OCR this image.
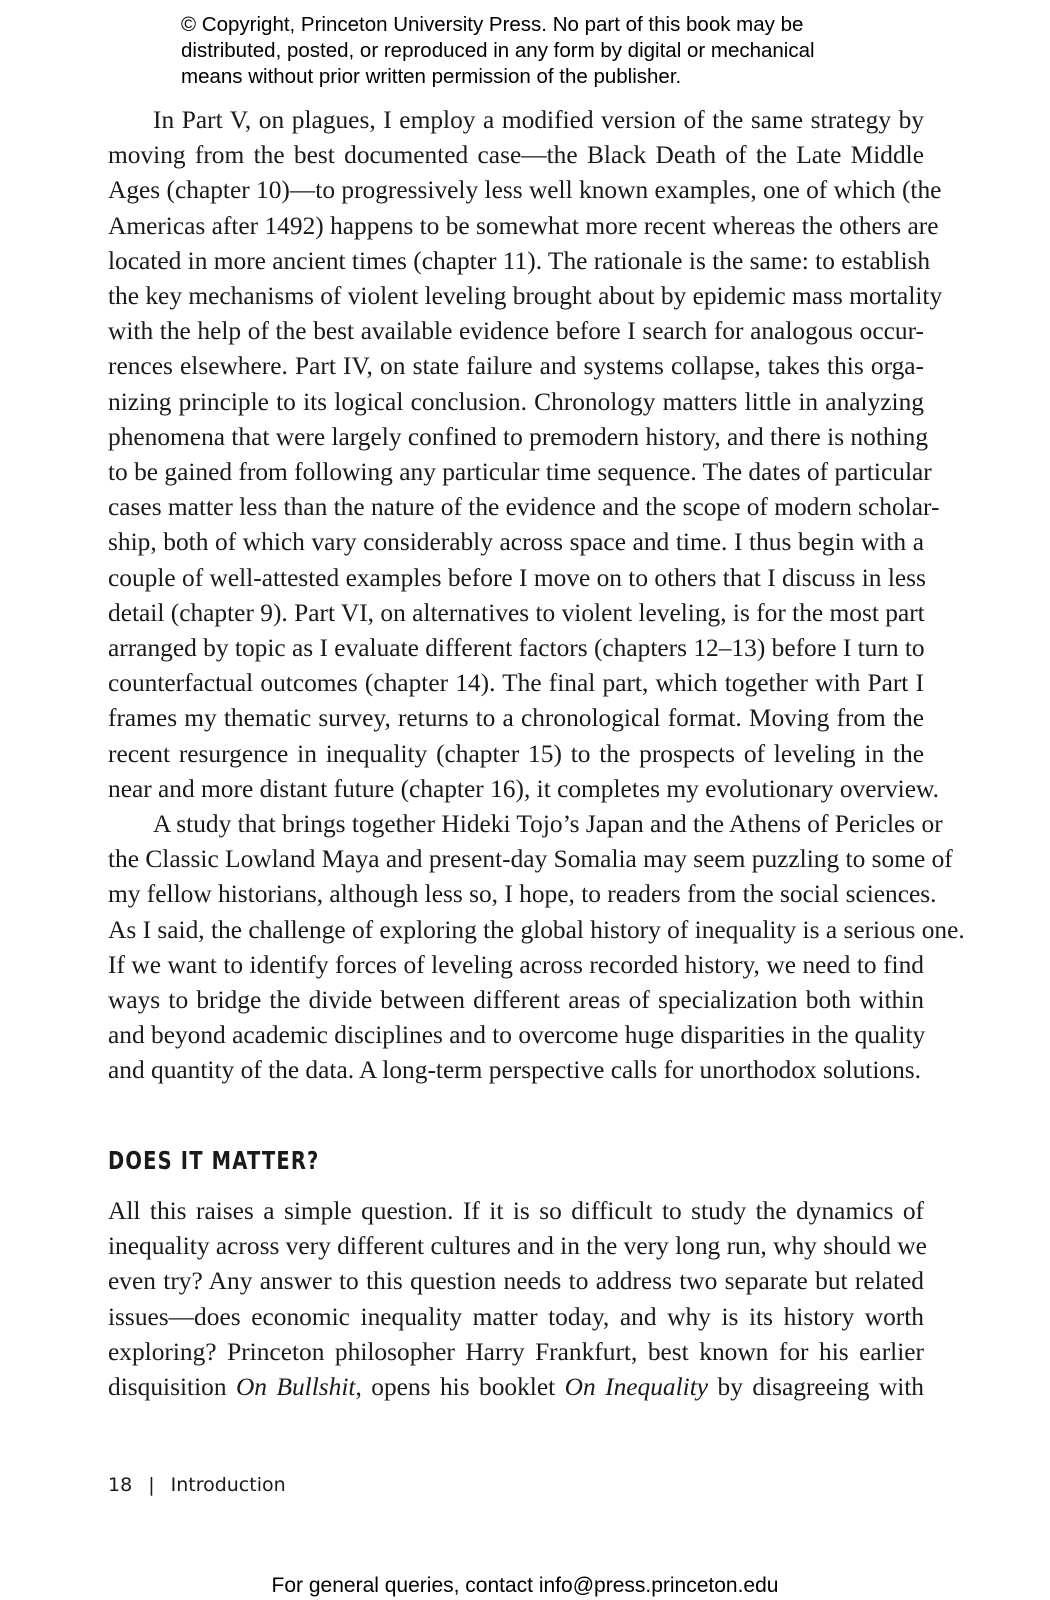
© Copyright, Princeton University Press. No part of this book may be
distributed, posted, or reproduced in any form by digital or mechanical
means without prior written permission of the publisher.
In Part V, on plagues, I employ a modified version of the same strategy by
moving from the best documented case—the Black Death of the Late Middle
Ages (chapter 10)—to progressively less well known examples, one of which (the
Americas after 1492) happens to be somewhat more recent whereas the others are
located in more ancient times (chapter 11). The rationale is the same: to establish
the key mechanisms of violent leveling brought about by epidemic mass mortality
with the help of the best available evidence before I search for analogous occur-
rences elsewhere. Part IV, on state failure and systems collapse, takes this orga-
nizing principle to its logical conclusion. Chronology matters little in analyzing
phenomena that were largely confined to premodern history, and there is nothing
to be gained from following any particular time sequence. The dates of particular
cases matter less than the nature of the evidence and the scope of modern scholar-
ship, both of which vary considerably across space and time. I thus begin with a
couple of well-attested examples before I move on to others that I discuss in less
detail (chapter 9). Part VI, on alternatives to violent leveling, is for the most part
arranged by topic as I evaluate different factors (chapters 12–13) before I turn to
counterfactual outcomes (chapter 14). The final part, which together with Part I
frames my thematic survey, returns to a chronological format. Moving from the
recent resurgence in inequality (chapter 15) to the prospects of leveling in the
near and more distant future (chapter 16), it completes my evolutionary overview.
A study that brings together Hideki Tojo’s Japan and the Athens of Pericles or
the Classic Lowland Maya and present-day Somalia may seem puzzling to some of
my fellow historians, although less so, I hope, to readers from the social sciences.
As I said, the challenge of exploring the global history of inequality is a serious one.
If we want to identify forces of leveling across recorded history, we need to find
ways to bridge the divide between different areas of specialization both within
and beyond academic disciplines and to overcome huge disparities in the quality
and quantity of the data. A long-term perspective calls for unorthodox solutions.
DOES IT MATTER?
All this raises a simple question. If it is so difficult to study the dynamics of
inequality across very different cultures and in the very long run, why should we
even try? Any answer to this question needs to address two separate but related
issues—does economic inequality matter today, and why is its history worth
exploring? Princeton philosopher Harry Frankfurt, best known for his earlier
disquisition On Bullshit, opens his booklet On Inequality by disagreeing with
18 | Introduction
For general queries, contact info@press.princeton.edu
